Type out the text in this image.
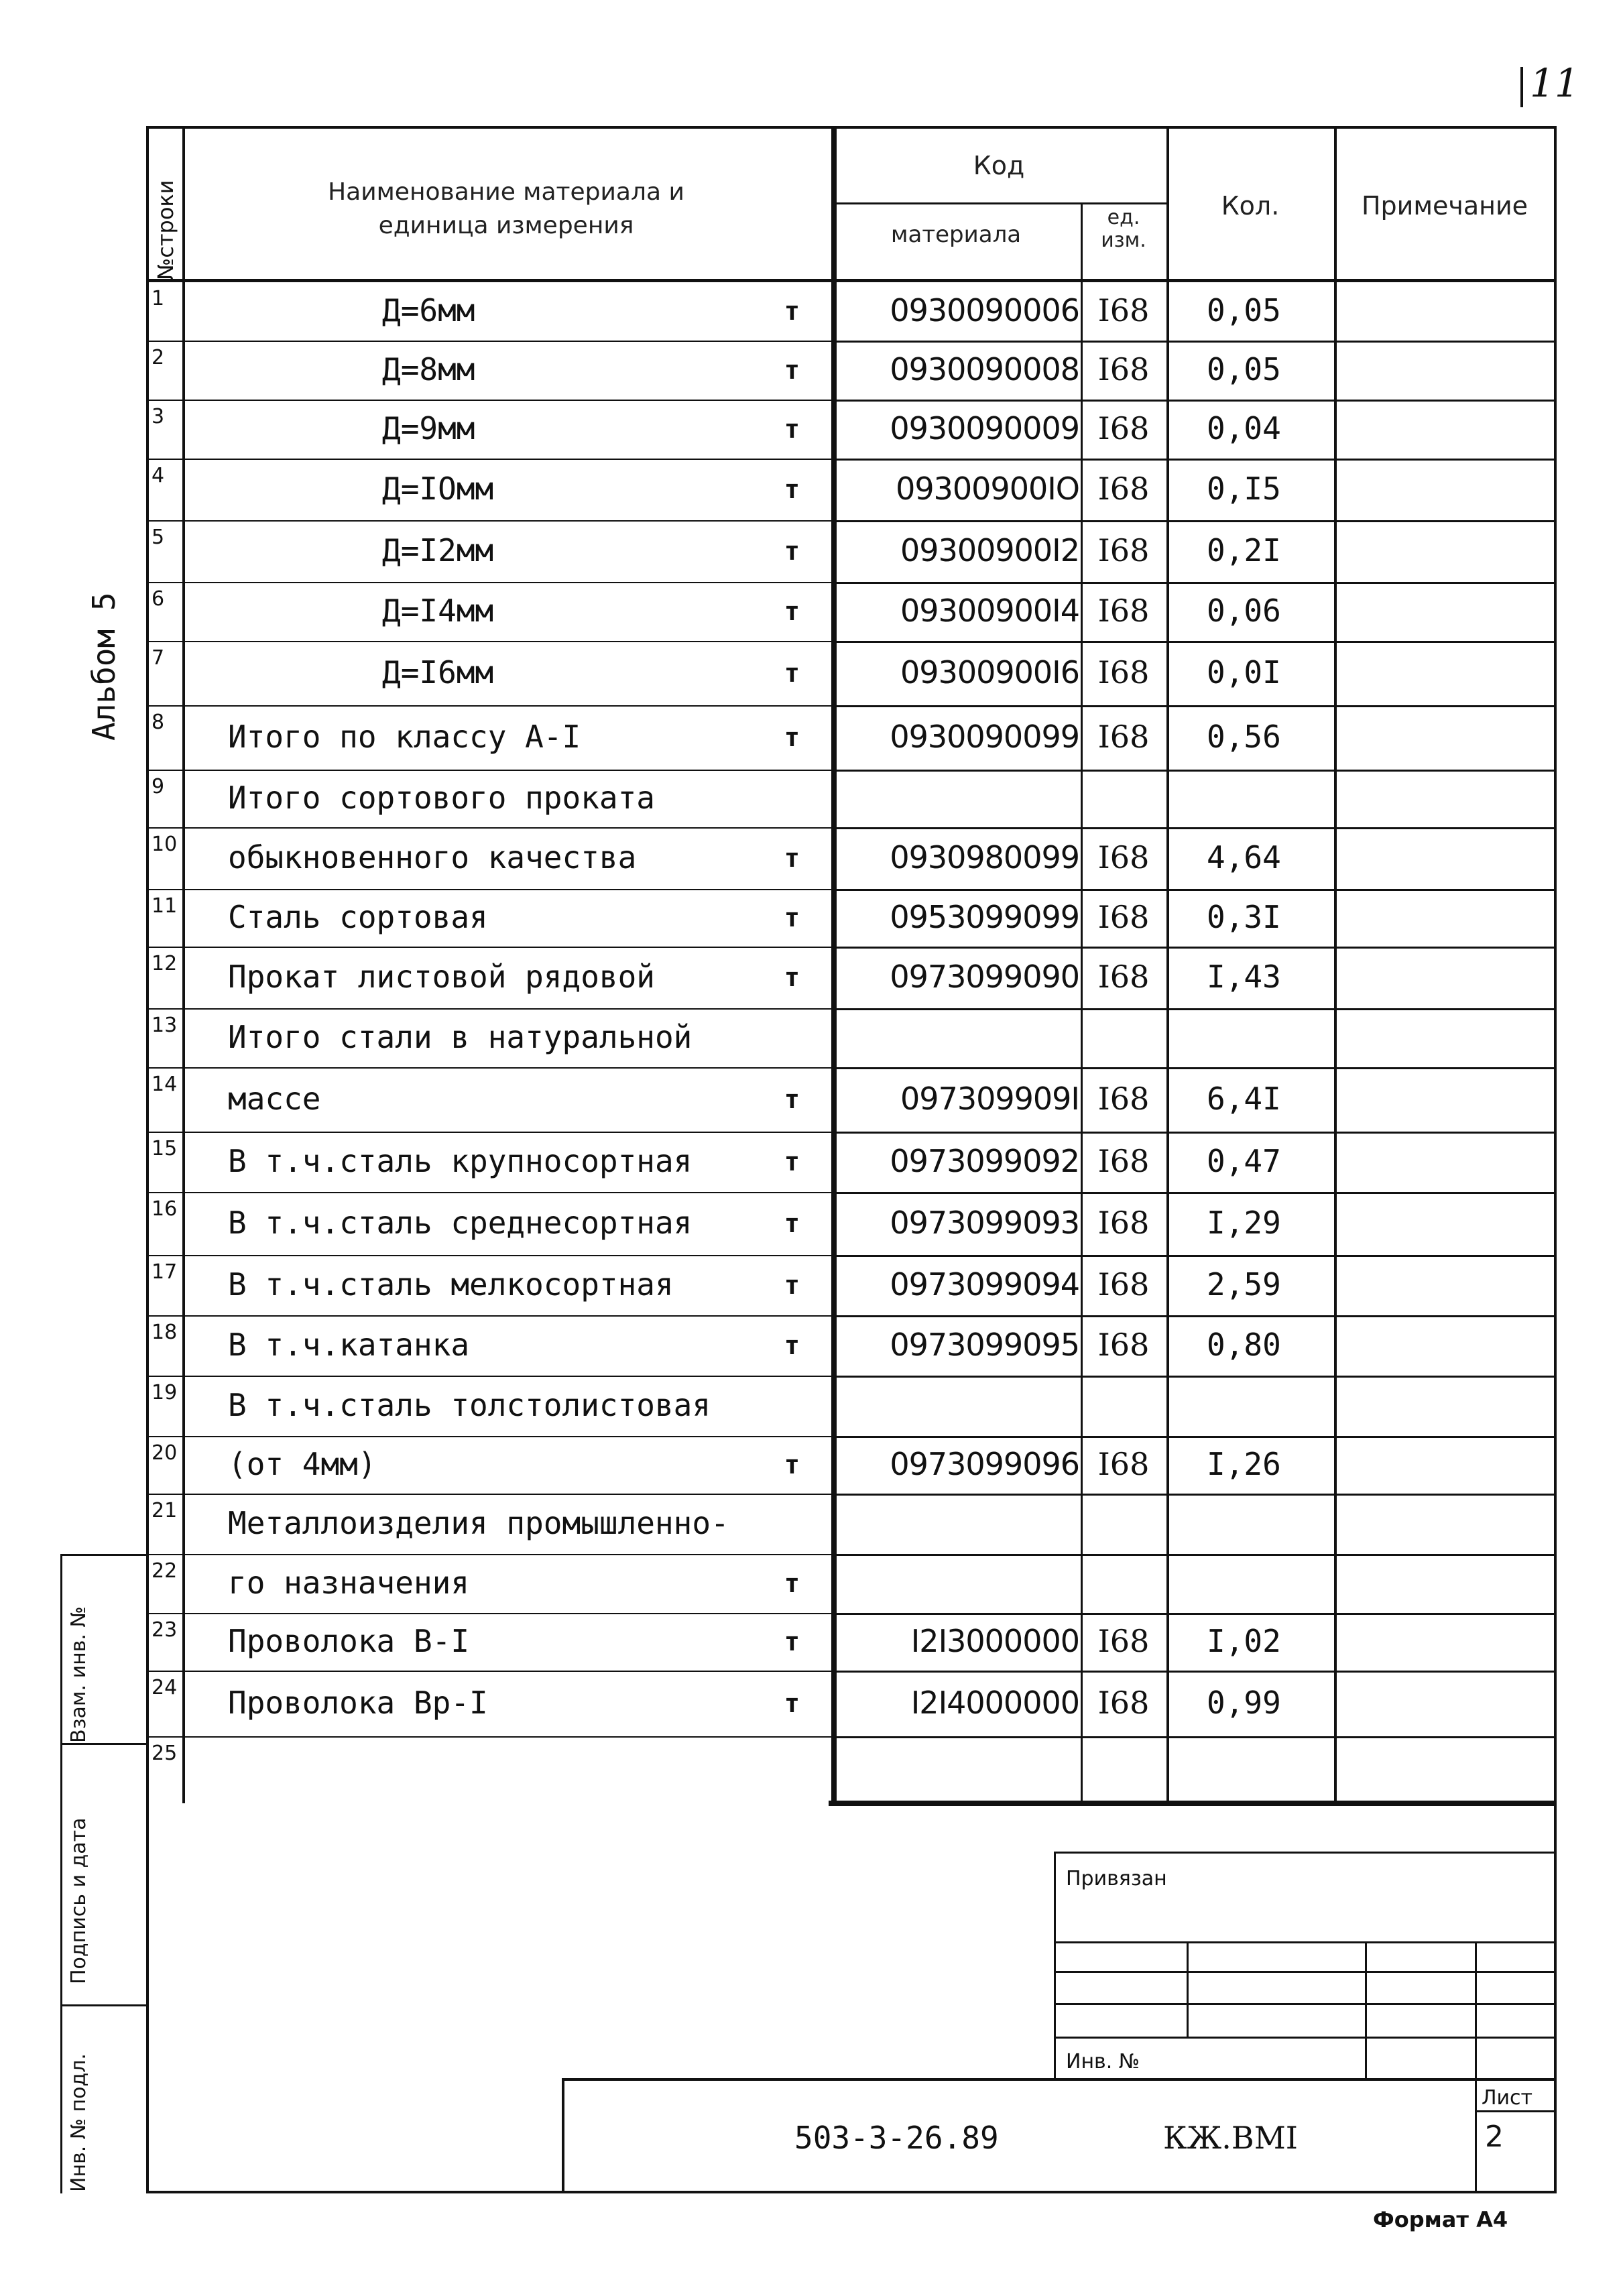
11
Альбом 5
№строки	Наименование материала и
единица измерения
Код
материала
ед.
изм.
Кол.	Примечание
1	Д=6мм	т	0930090006 I68	0,05
2	Д=8мм	т	0930090008 I68	0,05
3	Д=9мм	т	0930090009 I68	0,04
4	Д=IOмм	т	09300900IO I68	0,I5
5	Д=I2мм	т	09300900I2 I68	0,2I
6	Д=I4мм	т	09300900I4 I68	0,06
7	Д=I6мм	т	09300900I6 I68	0,0I
8 Итого по классу А-I	т	0930090099 I68	0,56
9 Итого сортового проката
10 обыкновенного качества	т	0930980099 I68	4,64
11 Сталь сортовая	т	0953099099 I68	0,3I
12 Прокат листовой рядовой	т	0973099090 I68	I,43
13 Итого стали в натуральной
14 массе	т	097309909I I68	6,4I
15 В т.ч.сталь крупносортная	т	0973099092 I68	0,47
16 В т.ч.сталь среднесортная	т	0973099093 I68	I,29
17 В т.ч.сталь мелкосортная	т	0973099094 I68	2,59
18 В т.ч.катанка	т	0973099095 I68	0,80
19 В т.ч.сталь толстолистовая
20 (от 4мм)	т	0973099096 I68	I,26
21 Металлоизделия промышленно-
22 го назначения	т
23 Проволока В-I	т	I2I3000000 I68	I,02
24 Проволока Вр-I	т	I2I4000000 I68	0,99
25
Взам. инв. №
Подпись и дата
Инв. № подл.
Привязан
Инв. №
503-3-26.89	КЖ.ВМI
Лист
2
Формат А4
